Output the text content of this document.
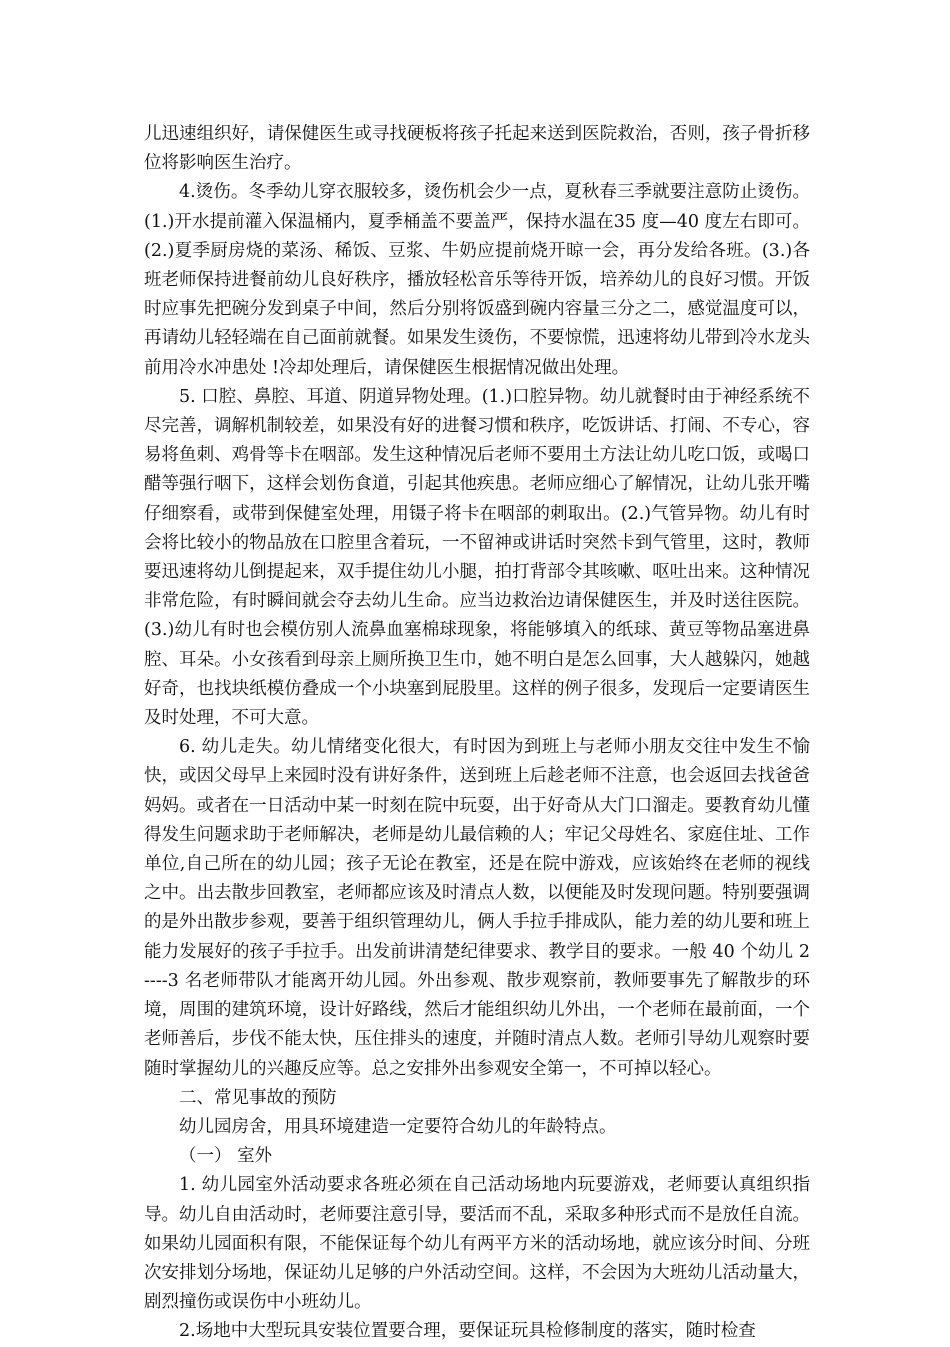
儿迅速组织好，请保健医生或寻找硬板将孩子托起来送到医院救治，否则，孩子骨折移位将影响医生治疗。

4.烫伤。冬季幼儿穿衣服较多，烫伤机会少一点，夏秋春三季就要注意防止烫伤。(1.)开水提前灌入保温桶内，夏季桶盖不要盖严，保持水温在35 度—40 度左右即可。(2.)夏季厨房烧的菜汤、稀饭、豆浆、牛奶应提前烧开晾一会，再分发给各班。(3.)各班老师保持进餐前幼儿良好秩序，播放轻松音乐等待开饭，培养幼儿的良好习惯。开饭时应事先把碗分发到桌子中间，然后分别将饭盛到碗内容量三分之二，感觉温度可以，再请幼儿轻轻端在自己面前就餐。如果发生烫伤，不要惊慌，迅速将幼儿带到冷水龙头前用冷水冲患处 !冷却处理后，请保健医生根据情况做出处理。

5. 口腔、鼻腔、耳道、阴道异物处理。(1.)口腔异物。幼儿就餐时由于神经系统不尽完善，调解机制较差，如果没有好的进餐习惯和秩序，吃饭讲话、打闹、不专心，容易将鱼刺、鸡骨等卡在咽部。发生这种情况后老师不要用土方法让幼儿吃口饭，或喝口醋等强行咽下，这样会划伤食道，引起其他疾患。老师应细心了解情况，让幼儿张开嘴仔细察看，或带到保健室处理，用镊子将卡在咽部的刺取出。(2.)气管异物。幼儿有时会将比较小的物品放在口腔里含着玩，一不留神或讲话时突然卡到气管里，这时，教师要迅速将幼儿倒提起来，双手提住幼儿小腿，拍打背部令其咳嗽、呕吐出来。这种情况非常危险，有时瞬间就会夺去幼儿生命。应当边救治边请保健医生，并及时送往医院。(3.)幼儿有时也会模仿别人流鼻血塞棉球现象，将能够填入的纸球、黄豆等物品塞进鼻腔、耳朵。小女孩看到母亲上厕所换卫生巾，她不明白是怎么回事，大人越躲闪，她越好奇，也找块纸模仿叠成一个小块塞到屁股里。这样的例子很多，发现后一定要请医生及时处理，不可大意。

6. 幼儿走失。幼儿情绪变化很大，有时因为到班上与老师小朋友交往中发生不愉快，或因父母早上来园时没有讲好条件，送到班上后趁老师不注意，也会返回去找爸爸妈妈。或者在一日活动中某一时刻在院中玩耍，出于好奇从大门口溜走。要教育幼儿懂得发生问题求助于老师解决，老师是幼儿最信赖的人；牢记父母姓名、家庭住址、工作单位,自己所在的幼儿园；孩子无论在教室，还是在院中游戏，应该始终在老师的视线之中。出去散步回教室，老师都应该及时清点人数，以便能及时发现问题。特别要强调的是外出散步参观，要善于组织管理幼儿，俩人手拉手排成队，能力差的幼儿要和班上能力发展好的孩子手拉手。出发前讲清楚纪律要求、教学目的要求。一般 40 个幼儿 2----3 名老师带队才能离开幼儿园。外出参观、散步观察前，教师要事先了解散步的环境，周围的建筑环境，设计好路线，然后才能组织幼儿外出，一个老师在最前面，一个老师善后，步伐不能太快，压住排头的速度，并随时清点人数。老师引导幼儿观察时要随时掌握幼儿的兴趣反应等。总之安排外出参观安全第一，不可掉以轻心。

二、常见事故的预防

幼儿园房舍，用具环境建造一定要符合幼儿的年龄特点。

（一） 室外

1. 幼儿园室外活动要求各班必须在自己活动场地内玩要游戏，老师要认真组织指导。幼儿自由活动时，老师要注意引导，要活而不乱，采取多种形式而不是放任自流。如果幼儿园面积有限，不能保证每个幼儿有两平方米的活动场地，就应该分时间、分班次安排划分场地，保证幼儿足够的户外活动空间。这样，不会因为大班幼儿活动量大，剧烈撞伤或误伤中小班幼儿。

2.场地中大型玩具安装位置要合理，要保证玩具检修制度的落实，随时检查
